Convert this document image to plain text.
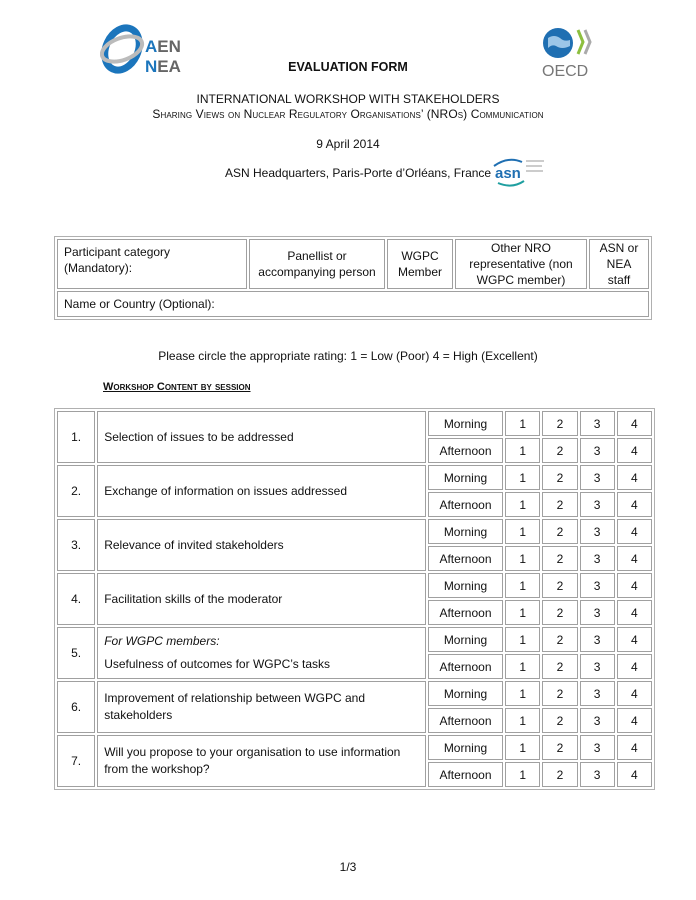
AEN
NEA	OECD
EVALUATION FORM
INTERNATIONAL WORKSHOP WITH STAKEHOLDERS
Sharing Views on Nuclear Regulatory Organisations’ (NROs) Communication
9 April 2014
ASN Headquarters, Paris-Porte d’Orléans, France asn
Participant category (Mandatory):	Panellist or accompanying person	WGPC Member	Other NRO representative (non WGPC member)	ASN or NEA staff
Name or Country (Optional):
Please circle the appropriate rating: 1 = Low (Poor) 4 = High (Excellent)
Workshop Content by session
1.	Selection of issues to be addressed	Morning	1	2	3	4
		Afternoon	1	2	3	4
2.	Exchange of information on issues addressed	Morning	1	2	3	4
		Afternoon	1	2	3	4
3.	Relevance of invited stakeholders	Morning	1	2	3	4
		Afternoon	1	2	3	4
4.	Facilitation skills of the moderator	Morning	1	2	3	4
		Afternoon	1	2	3	4
5.	For WGPC members:
Usefulness of outcomes for WGPC’s tasks	Morning	1	2	3	4
		Afternoon	1	2	3	4
6.	Improvement of relationship between WGPC and stakeholders	Morning	1	2	3	4
		Afternoon	1	2	3	4
7.	Will you propose to your organisation to use information from the workshop?	Morning	1	2	3	4
		Afternoon	1	2	3	4
1/3
